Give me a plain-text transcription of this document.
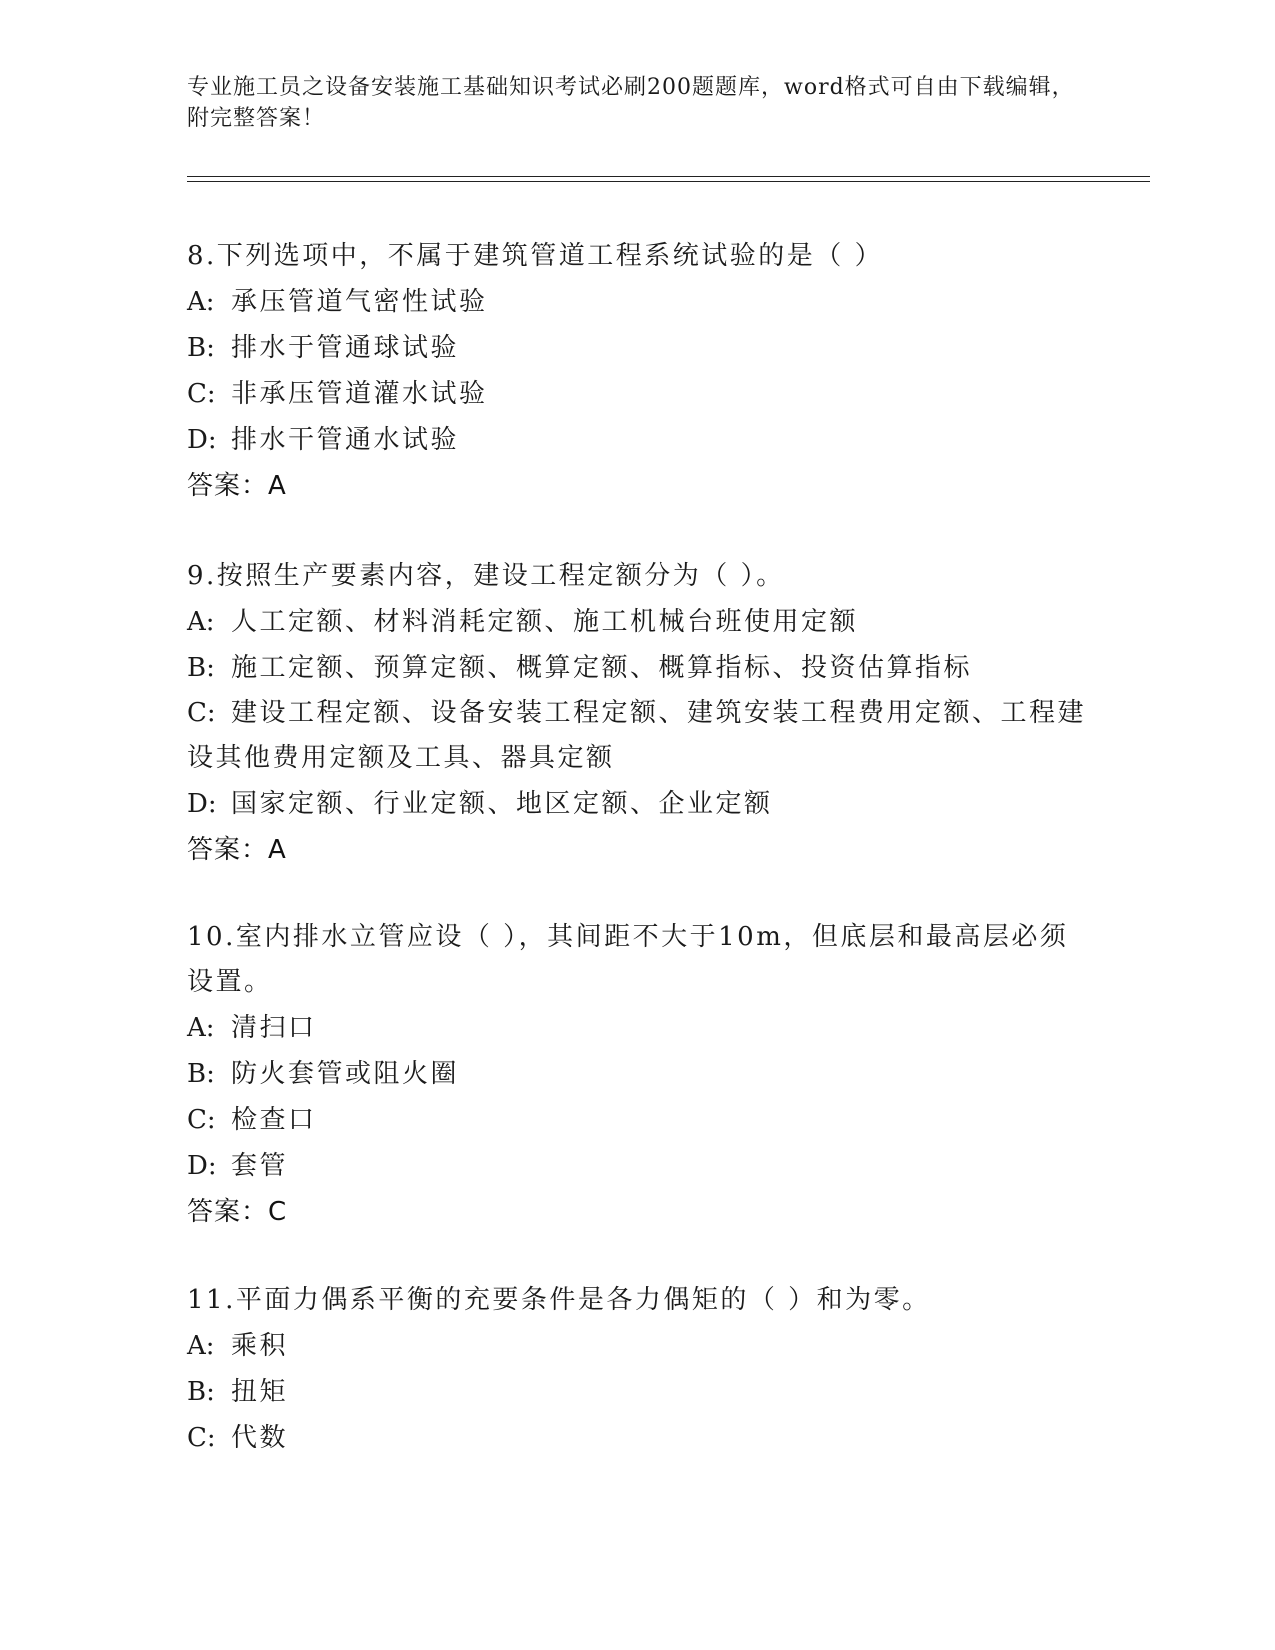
专业施工员之设备安装施工基础知识考试必刷200题题库，word格式可自由下载编辑，附完整答案！
8.下列选项中，不属于建筑管道工程系统试验的是（ ）
A: 承压管道气密性试验
B: 排水于管通球试验
C: 非承压管道灌水试验
D: 排水干管通水试验
答案：A
9.按照生产要素内容，建设工程定额分为（ ）。
A: 人工定额、材料消耗定额、施工机械台班使用定额
B: 施工定额、预算定额、概算定额、概算指标、投资估算指标
C: 建设工程定额、设备安装工程定额、建筑安装工程费用定额、工程建设其他费用定额及工具、器具定额
D: 国家定额、行业定额、地区定额、企业定额
答案：A
10.室内排水立管应设（ ），其间距不大于10m，但底层和最高层必须设置。
A: 清扫口
B: 防火套管或阻火圈
C: 检查口
D: 套管
答案：C
11.平面力偶系平衡的充要条件是各力偶矩的（ ）和为零。
A: 乘积
B: 扭矩
C: 代数
